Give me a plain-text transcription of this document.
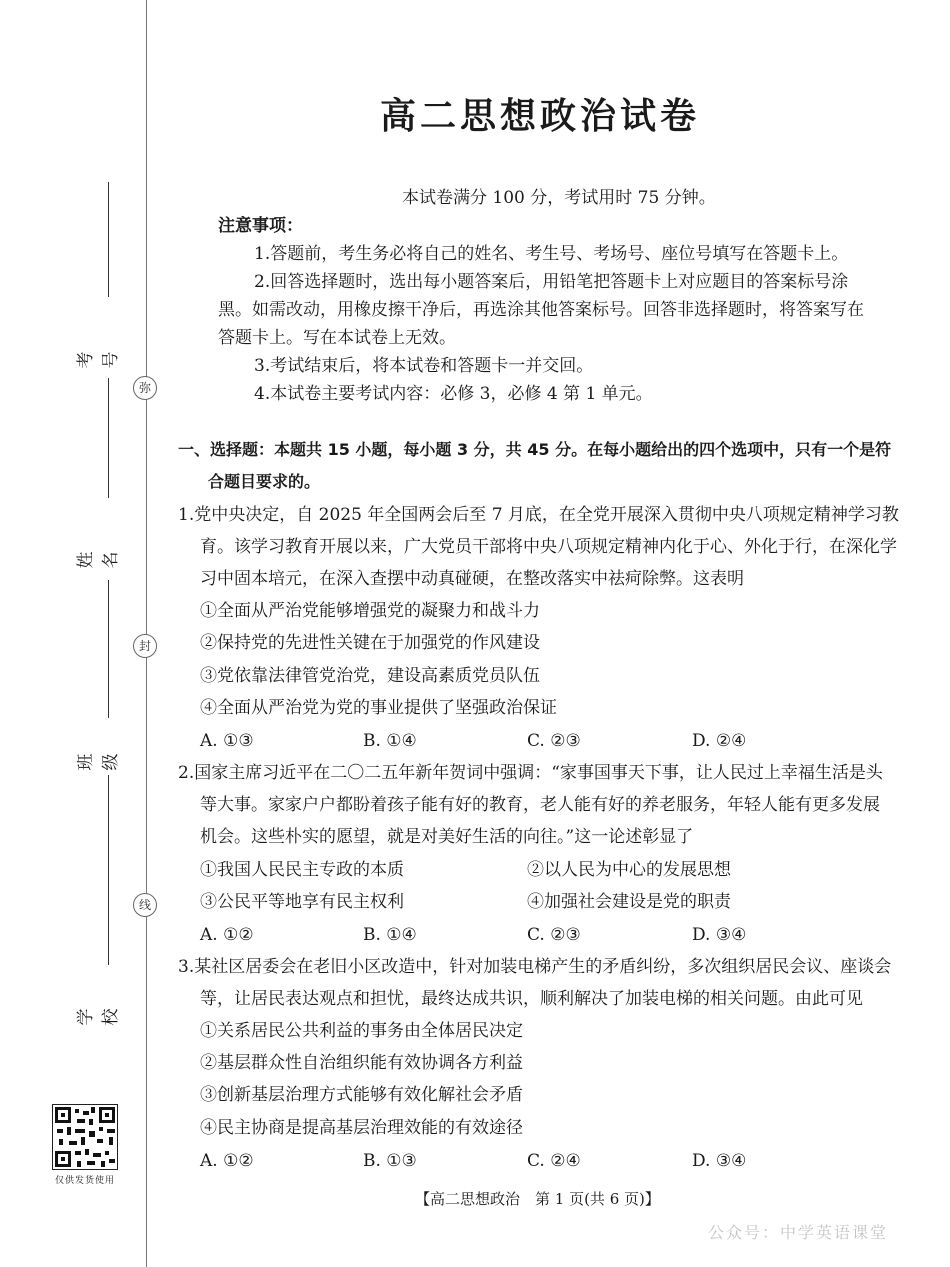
弥
封
线
考号
姓名
班级
学校
仅供发货使用
高二思想政治试卷
本试卷满分 100 分，考试用时 75 分钟。
注意事项：
1.答题前，考生务必将自己的姓名、考生号、考场号、座位号填写在答题卡上。
2.回答选择题时，选出每小题答案后，用铅笔把答题卡上对应题目的答案标号涂
黑。如需改动，用橡皮擦干净后，再选涂其他答案标号。回答非选择题时，将答案写在
答题卡上。写在本试卷上无效。
3.考试结束后，将本试卷和答题卡一并交回。
4.本试卷主要考试内容：必修 3，必修 4 第 1 单元。
一、选择题：本题共 15 小题，每小题 3 分，共 45 分。在每小题给出的四个选项中，只有一个是符
合题目要求的。
1.党中央决定，自 2025 年全国两会后至 7 月底，在全党开展深入贯彻中央八项规定精神学习教
育。该学习教育开展以来，广大党员干部将中央八项规定精神内化于心、外化于行，在深化学
习中固本培元，在深入查摆中动真碰硬，在整改落实中祛疴除弊。这表明
①全面从严治党能够增强党的凝聚力和战斗力
②保持党的先进性关键在于加强党的作风建设
③党依靠法律管党治党，建设高素质党员队伍
④全面从严治党为党的事业提供了坚强政治保证
A. ①③	B. ①④	C. ②③	D. ②④
2.国家主席习近平在二〇二五年新年贺词中强调：“家事国事天下事，让人民过上幸福生活是头
等大事。家家户户都盼着孩子能有好的教育，老人能有好的养老服务，年轻人能有更多发展
机会。这些朴实的愿望，就是对美好生活的向往。”这一论述彰显了
①我国人民民主专政的本质	②以人民为中心的发展思想
③公民平等地享有民主权利	④加强社会建设是党的职责
A. ①②	B. ①④	C. ②③	D. ③④
3.某社区居委会在老旧小区改造中，针对加装电梯产生的矛盾纠纷，多次组织居民会议、座谈会
等，让居民表达观点和担忧，最终达成共识，顺利解决了加装电梯的相关问题。由此可见
①关系居民公共利益的事务由全体居民决定
②基层群众性自治组织能有效协调各方利益
③创新基层治理方式能够有效化解社会矛盾
④民主协商是提高基层治理效能的有效途径
A. ①②	B. ①③	C. ②④	D. ③④
【高二思想政治　第 1 页(共 6 页)】
公众号：中学英语课堂
